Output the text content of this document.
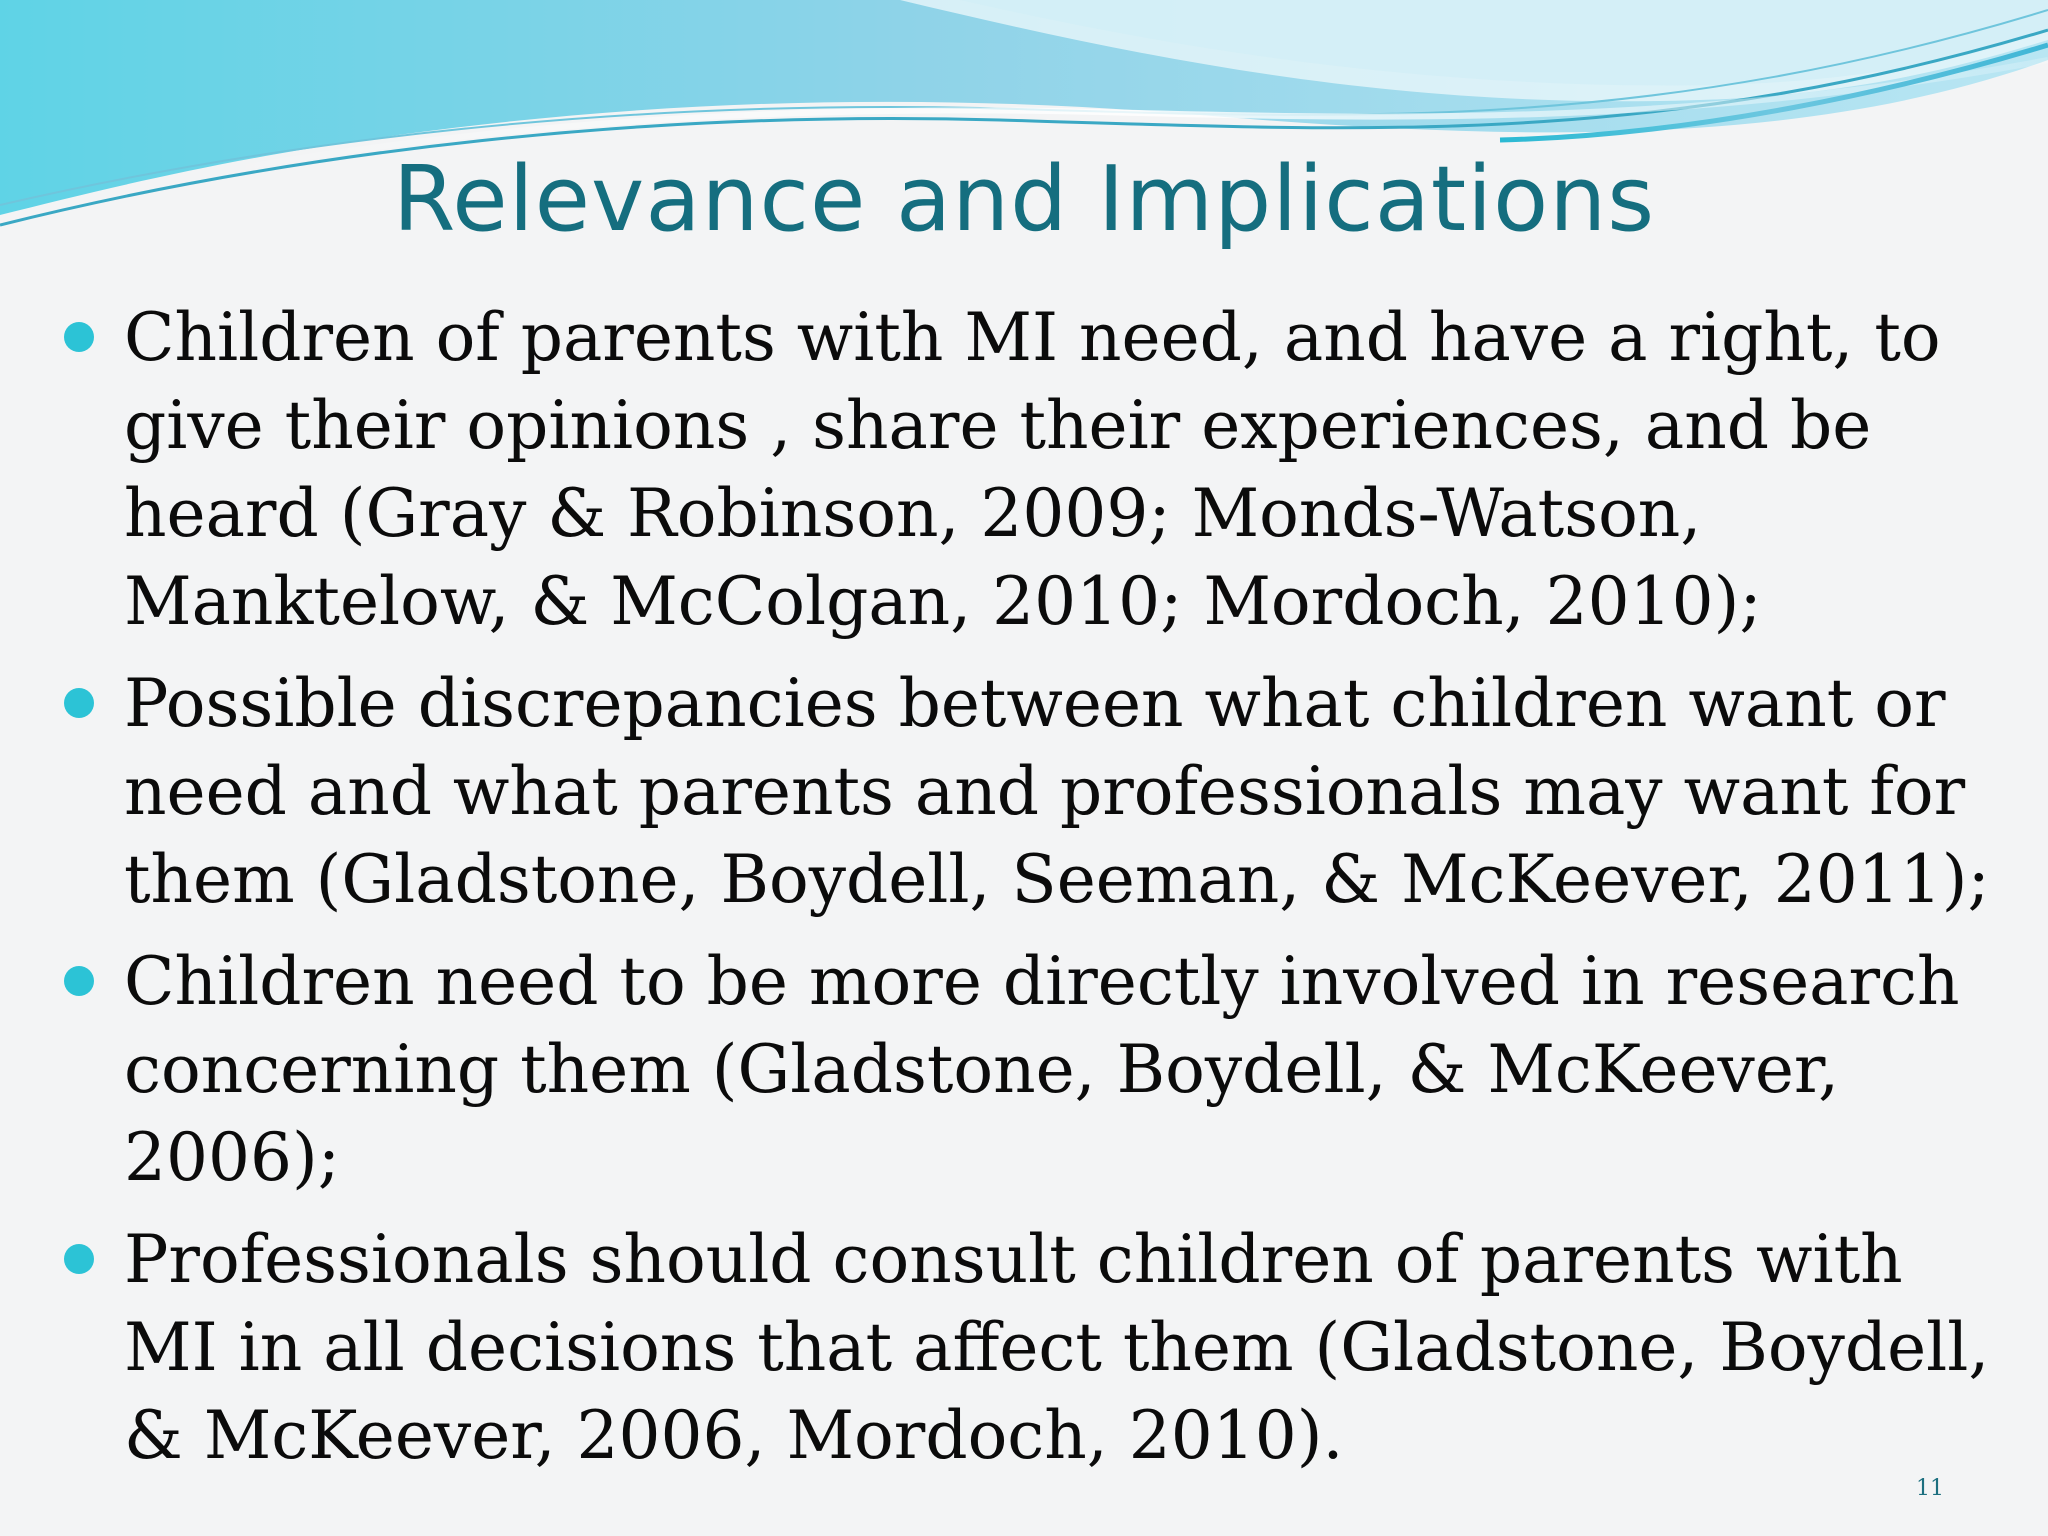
Relevance and Implications
Children of parents with MI need, and have a right, to give their opinions , share their experiences, and be heard (Gray & Robinson, 2009; Monds-Watson, Manktelow, & McColgan, 2010; Mordoch, 2010);
Possible discrepancies between what children want or need and what parents and professionals may want for them (Gladstone, Boydell, Seeman, & McKeever, 2011);
Children need to be more directly involved in research concerning them (Gladstone, Boydell, & McKeever, 2006);
Professionals should consult children of parents with MI in all decisions that affect them (Gladstone, Boydell, & McKeever, 2006, Mordoch, 2010).
11
